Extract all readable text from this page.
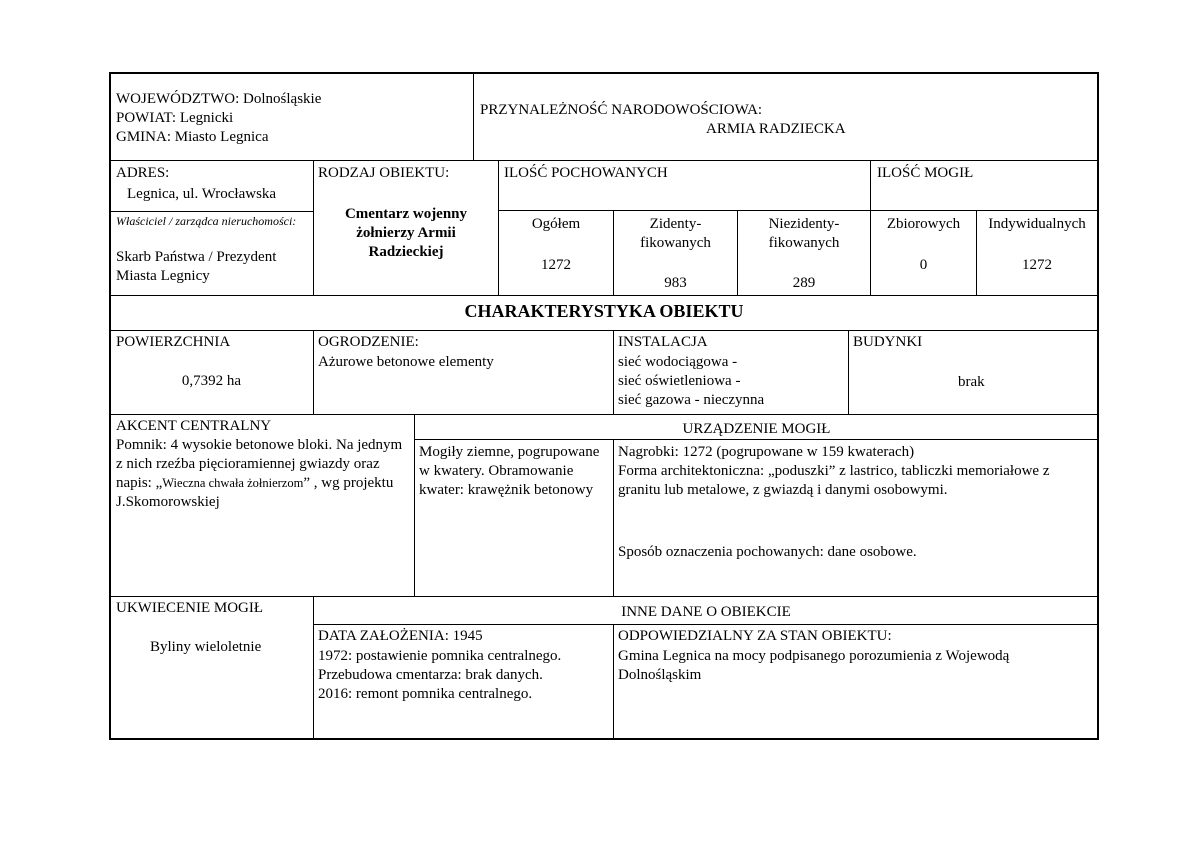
WOJEWÓDZTWO: Dolnośląskie
POWIAT: Legnicki
GMINA: Miasto Legnica
PRZYNALEŻNOŚĆ NARODOWOŚCIOWA:
ARMIA RADZIECKA
ADRES:
Legnica, ul. Wrocławska
Właściciel / zarządca nieruchomości:
Skarb Państwa / Prezydent Miasta Legnicy
RODZAJ OBIEKTU:
Cmentarz wojenny żołnierzy Armii Radzieckiej
ILOŚĆ POCHOWANYCH
Ogółem
1272
Zidenty-
fikowanych
983
Niezidenty-
fikowanych
289
ILOŚĆ MOGIŁ
Zbiorowych
0
Indywidualnych
1272
CHARAKTERYSTYKA OBIEKTU
POWIERZCHNIA
0,7392 ha
OGRODZENIE:
Ażurowe betonowe elementy
INSTALACJA
sieć wodociągowa -
sieć oświetleniowa -
sieć gazowa - nieczynna
BUDYNKI
brak
AKCENT CENTRALNY
Pomnik: 4 wysokie betonowe bloki. Na jednym z nich rzeźba pięcioramiennej gwiazdy oraz napis: „Wieczna chwała żołnierzom” , wg projektu J.Skomorowskiej
URZĄDZENIE MOGIŁ
Mogiły ziemne, pogrupowane w kwatery. Obramowanie kwater: krawężnik betonowy
Nagrobki: 1272 (pogrupowane w 159 kwaterach)
Forma architektoniczna: „poduszki” z lastrico, tabliczki memoriałowe z granitu lub metalowe, z gwiazdą i danymi osobowymi.
Sposób oznaczenia pochowanych: dane osobowe.
UKWIECENIE MOGIŁ
Byliny wieloletnie
INNE DANE O OBIEKCIE
DATA ZAŁOŻENIA: 1945
1972: postawienie pomnika centralnego.
Przebudowa cmentarza: brak danych.
2016: remont pomnika centralnego.
ODPOWIEDZIALNY ZA STAN OBIEKTU:
Gmina Legnica na mocy podpisanego porozumienia z Wojewodą Dolnośląskim
